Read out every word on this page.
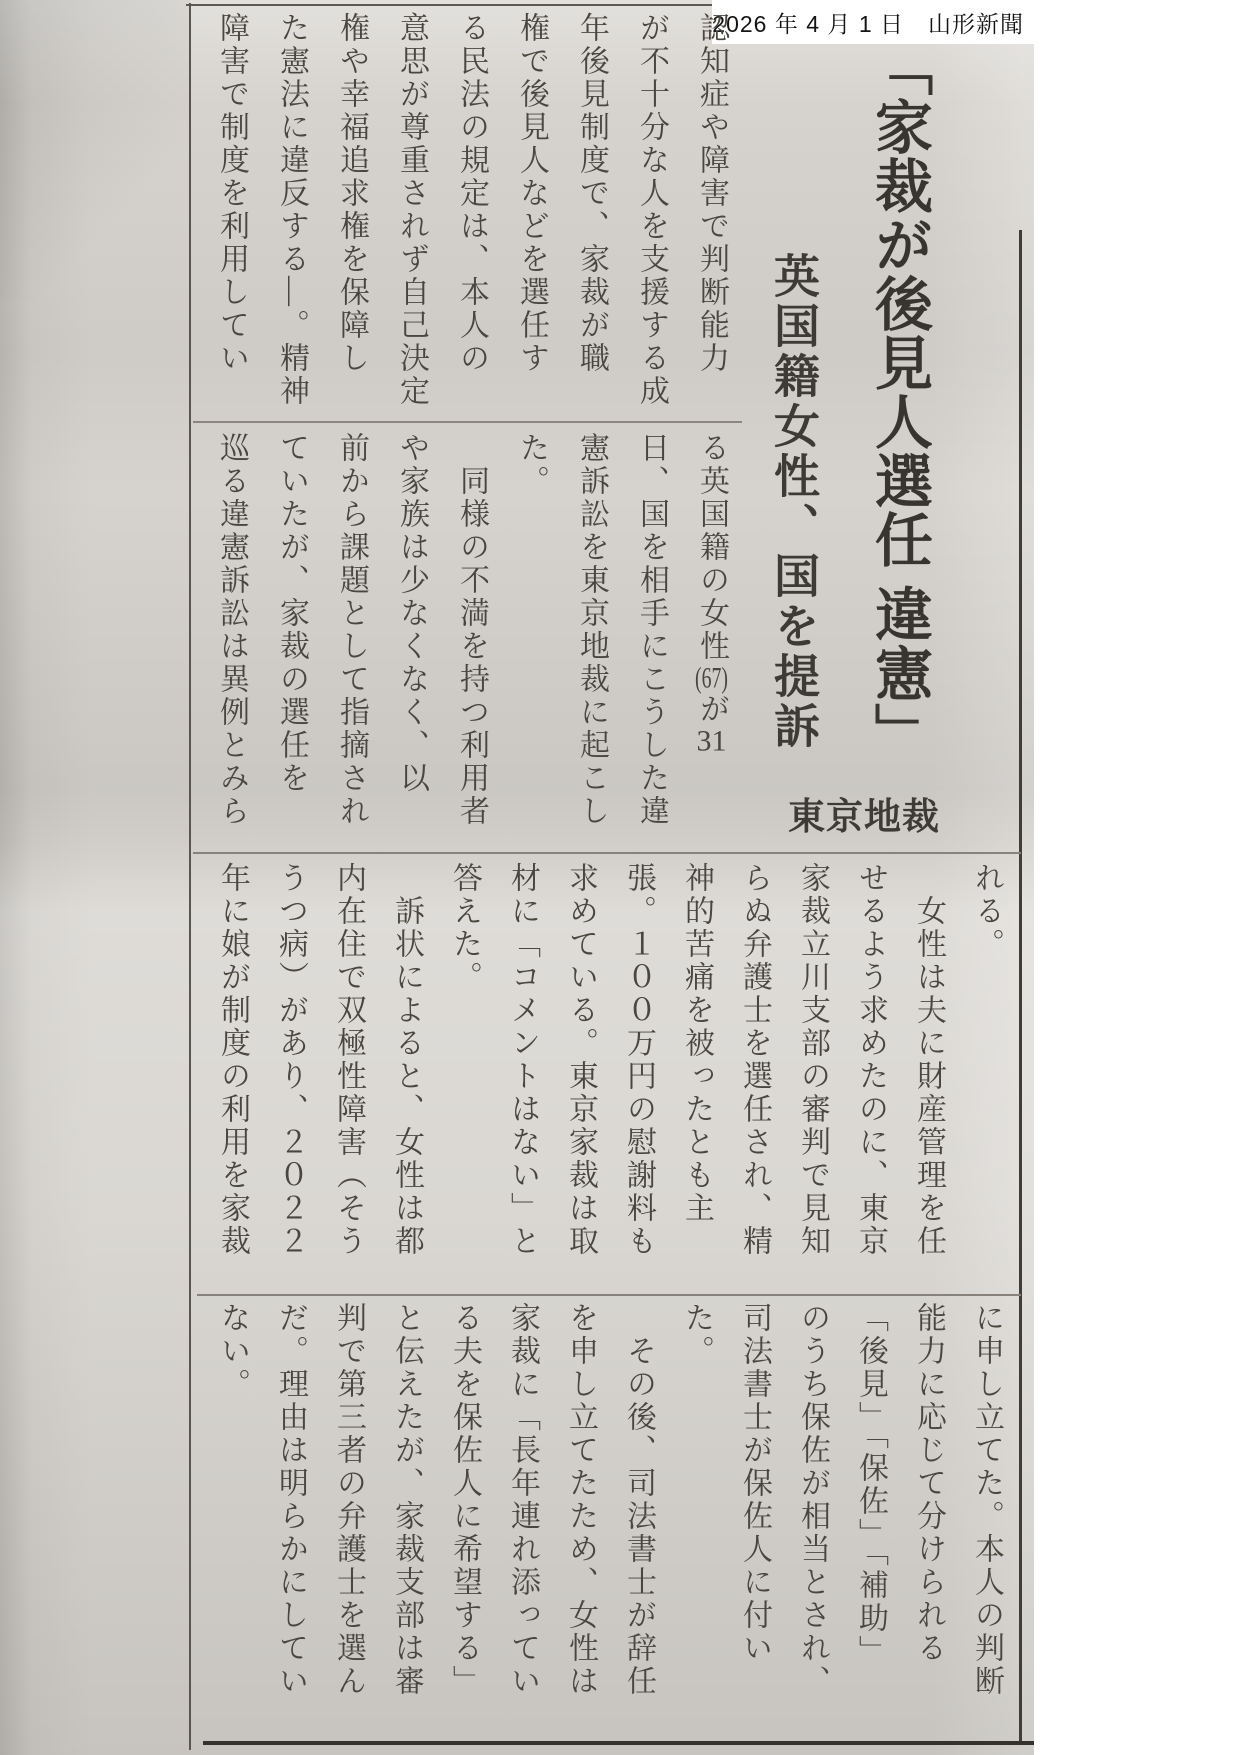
2026 年 4 月 1 日　山形新聞
「家裁が後見人選任 違憲」
英国籍女性、国を提訴
東京地裁
認知症や障害で判断能力
が不十分な人を支援する成
年後見制度で、家裁が職
権で後見人などを選任す
る民法の規定は、本人の
意思が尊重されず自己決定
権や幸福追求権を保障し
た憲法に違反する―。精神
障害で制度を利用してい
る英国籍の女性(67)が31
日、国を相手にこうした違
憲訴訟を東京地裁に起こし
た。
　同様の不満を持つ利用者
や家族は少なくなく、以
前から課題として指摘され
ていたが、家裁の選任を
巡る違憲訴訟は異例とみら
れる。
　女性は夫に財産管理を任
せるよう求めたのに、東京
家裁立川支部の審判で見知
らぬ弁護士を選任され、精
神的苦痛を被ったとも主
張。１００万円の慰謝料も
求めている。東京家裁は取
材に「コメントはない」と
答えた。
　訴状によると、女性は都
内在住で双極性障害（そう
うつ病）があり、２０２２
年に娘が制度の利用を家裁
に申し立てた。本人の判断
能力に応じて分けられる
「後見」「保佐」「補助」
のうち保佐が相当とされ、
司法書士が保佐人に付い
た。
　その後、司法書士が辞任
を申し立てたため、女性は
家裁に「長年連れ添ってい
る夫を保佐人に希望する」
と伝えたが、家裁支部は審
判で第三者の弁護士を選ん
だ。理由は明らかにしてい
ない。
